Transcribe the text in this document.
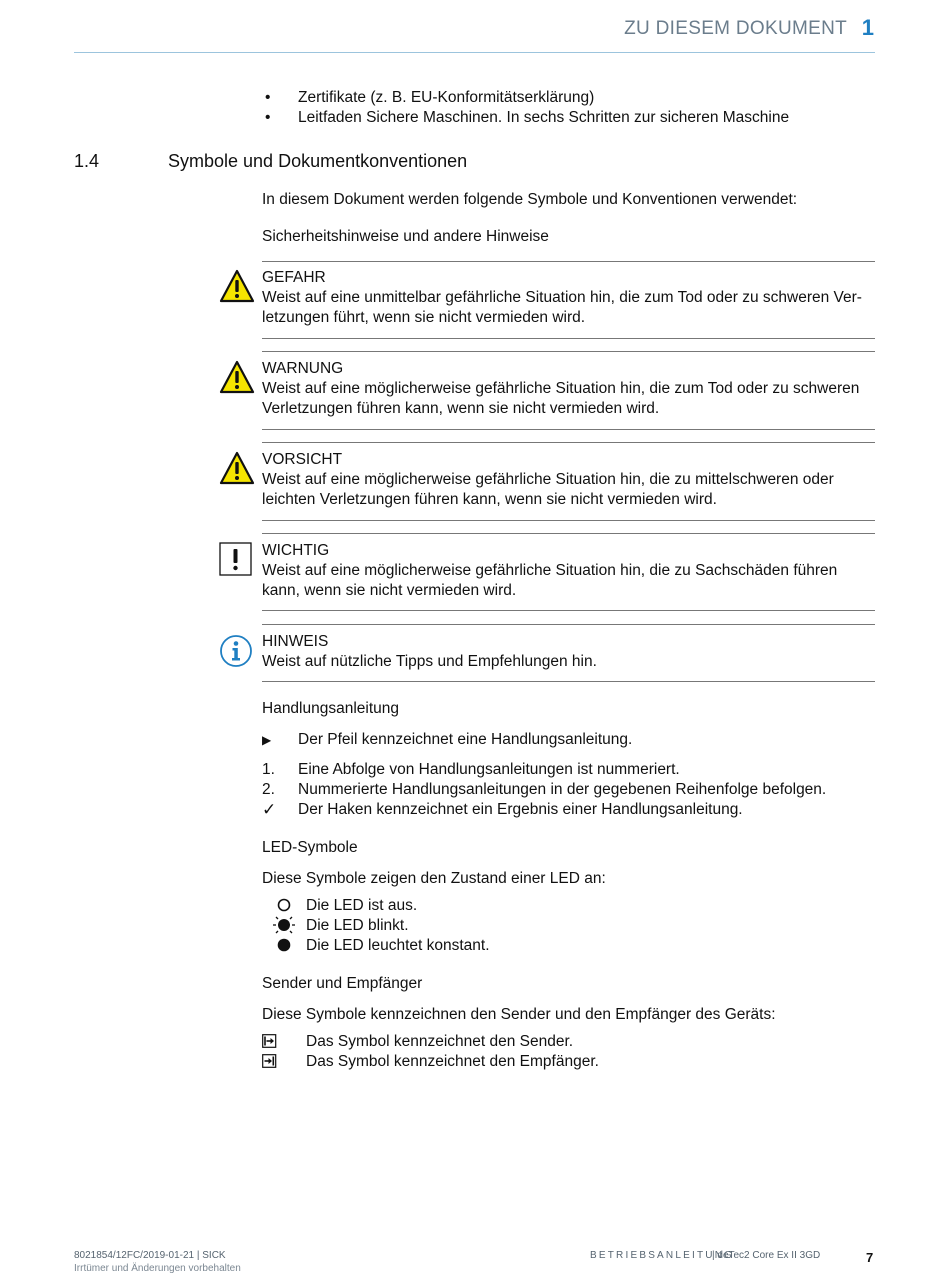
ZU DIESEM DOKUMENT 1
• Zertifikate (z. B. EU-Konformitätserklärung)
• Leitfaden Sichere Maschinen. In sechs Schritten zur sicheren Maschine
1.4	Symbole und Dokumentkonventionen
In diesem Dokument werden folgende Symbole und Konventionen verwendet:
Sicherheitshinweise und andere Hinweise
GEFAHR
Weist auf eine unmittelbar gefährliche Situation hin, die zum Tod oder zu schweren Ver-
letzungen führt, wenn sie nicht vermieden wird.
WARNUNG
Weist auf eine möglicherweise gefährliche Situation hin, die zum Tod oder zu schweren
Verletzungen führen kann, wenn sie nicht vermieden wird.
VORSICHT
Weist auf eine möglicherweise gefährliche Situation hin, die zu mittelschweren oder
leichten Verletzungen führen kann, wenn sie nicht vermieden wird.
WICHTIG
Weist auf eine möglicherweise gefährliche Situation hin, die zu Sachschäden führen
kann, wenn sie nicht vermieden wird.
HINWEIS
Weist auf nützliche Tipps und Empfehlungen hin.
Handlungsanleitung
▶ Der Pfeil kennzeichnet eine Handlungsanleitung.
1. Eine Abfolge von Handlungsanleitungen ist nummeriert.
2. Nummerierte Handlungsanleitungen in der gegebenen Reihenfolge befolgen.
✓ Der Haken kennzeichnet ein Ergebnis einer Handlungsanleitung.
LED-Symbole
Diese Symbole zeigen den Zustand einer LED an:
Die LED ist aus.
Die LED blinkt.
Die LED leuchtet konstant.
Sender und Empfänger
Diese Symbole kennzeichnen den Sender und den Empfänger des Geräts:
Das Symbol kennzeichnet den Sender.
Das Symbol kennzeichnet den Empfänger.
8021854/12FC/2019-01-21 | SICK
Irrtümer und Änderungen vorbehalten
BETRIEBSANLEITUNG
| deTec2 Core Ex II 3GD	7
